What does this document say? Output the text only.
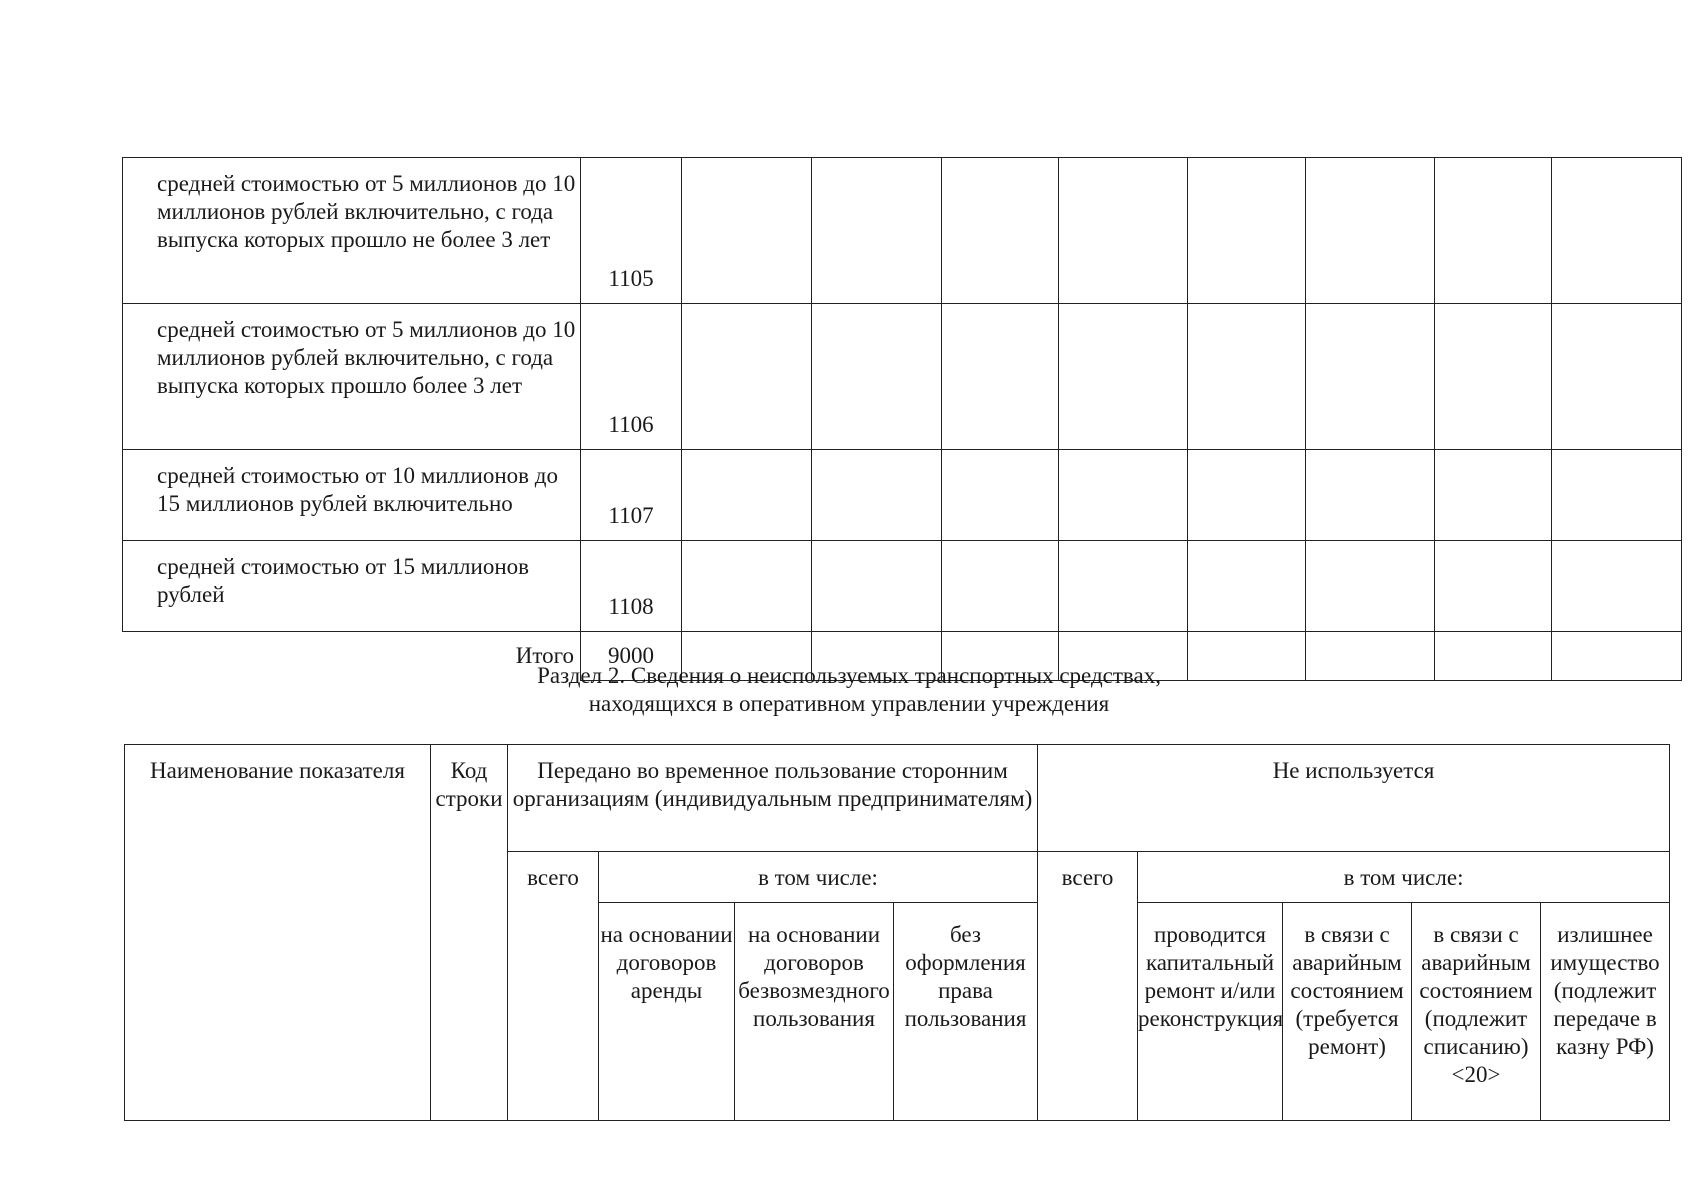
средней стоимостью от 5 миллионов до 10 миллионов рублей включительно, с года выпуска которых прошло не более 3 лет	1105								
средней стоимостью от 5 миллионов до 10 миллионов рублей включительно, с года выпуска которых прошло более 3 лет	1106								
средней стоимостью от 10 миллионов до 15 миллионов рублей включительно	1107								
средней стоимостью от 15 миллионов рублей	1108								
Итого	9000								
Раздел 2. Сведения о неиспользуемых транспортных средствах,
находящихся в оперативном управлении учреждения
Наименование показателя	Код строки	Передано во временное пользование сторонним организациям (индивидуальным предпринимателям)				Не используется				
		всего	в том числе:			всего	в том числе:			
			на основании договоров аренды	на основании договоров безвозмездного пользования	без оформления права пользования		проводится капитальный ремонт и/или реконструкция	в связи с аварийным состоянием (требуется ремонт)	в связи с аварийным состоянием (подлежит списанию) <20>	излишнее имущество (подлежит передаче в казну РФ)
